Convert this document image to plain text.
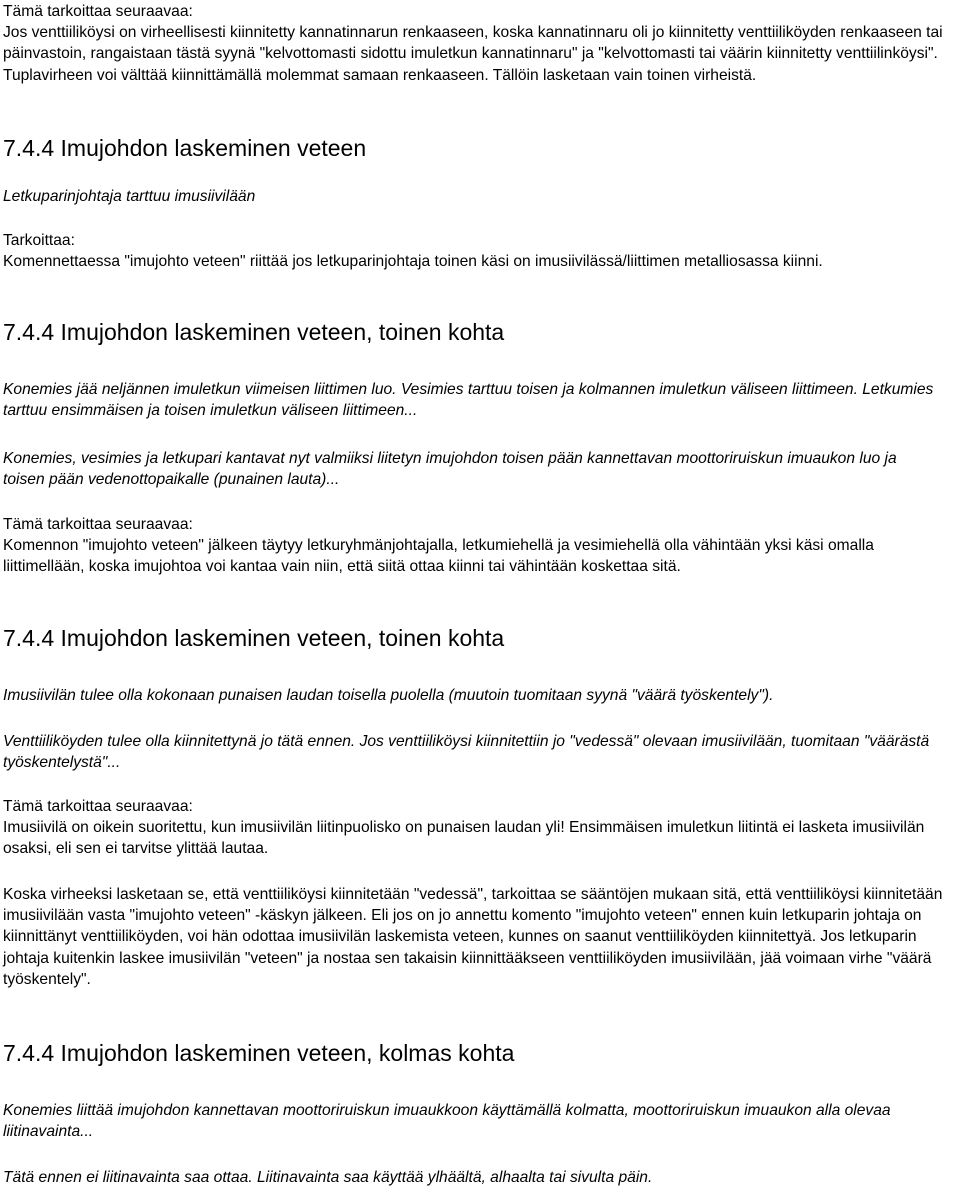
Tämä tarkoittaa seuraavaa:
Jos venttiiliköysi on virheellisesti kiinnitetty kannatinnarun renkaaseen, koska kannatinnaru oli jo kiinnitetty venttiiliköyden renkaaseen tai päinvastoin, rangaistaan tästä syynä "kelvottomasti sidottu imuletkun kannatinnaru" ja "kelvottomasti tai väärin kiinnitetty venttiilinköysi". Tuplavirheen voi välttää kiinnittämällä molemmat samaan renkaaseen. Tällöin lasketaan vain toinen virheistä.

7.4.4 Imujohdon laskeminen veteen

Letkuparinjohtaja tarttuu imusiivilään

Tarkoittaa:
Komennettaessa "imujohto veteen" riittää jos letkuparinjohtaja toinen käsi on imusiivilässä/liittimen metalliosassa kiinni.

7.4.4 Imujohdon laskeminen veteen, toinen kohta

Konemies jää neljännen imuletkun viimeisen liittimen luo. Vesimies tarttuu toisen ja kolmannen imuletkun väliseen liittimeen. Letkumies tarttuu ensimmäisen ja toisen imuletkun väliseen liittimeen...

Konemies, vesimies ja letkupari kantavat nyt valmiiksi liitetyn imujohdon toisen pään kannettavan moottoriruiskun imuaukon luo ja toisen pään vedenottopaikalle (punainen lauta)...

Tämä tarkoittaa seuraavaa:
Komennon "imujohto veteen" jälkeen täytyy letkuryhmänjohtajalla, letkumiehellä ja vesimiehellä olla vähintään yksi käsi omalla liittimellään, koska imujohtoa voi kantaa vain niin, että siitä ottaa kiinni tai vähintään koskettaa sitä.

7.4.4 Imujohdon laskeminen veteen, toinen kohta

Imusiivilän tulee olla kokonaan punaisen laudan toisella puolella (muutoin tuomitaan syynä "väärä työskentely").

Venttiiliköyden tulee olla kiinnitettynä jo tätä ennen. Jos venttiiliköysi kiinnitettiin jo "vedessä" olevaan imusiivilään, tuomitaan "väärästä työskentelystä"...

Tämä tarkoittaa seuraavaa:
Imusiivilä on oikein suoritettu, kun imusiivilän liitinpuolisko on punaisen laudan yli! Ensimmäisen imuletkun liitintä ei lasketa imusiivilän osaksi, eli sen ei tarvitse ylittää lautaa.

Koska virheeksi lasketaan se, että venttiiliköysi kiinnitetään "vedessä", tarkoittaa se sääntöjen mukaan sitä, että venttiiliköysi kiinnitetään imusiivilään vasta "imujohto veteen" -käskyn jälkeen. Eli jos on jo annettu komento "imujohto veteen" ennen kuin letkuparin johtaja on kiinnittänyt venttiiliköyden, voi hän odottaa imusiivilän laskemista veteen, kunnes on saanut venttiiliköyden kiinnitettyä. Jos letkuparin johtaja kuitenkin laskee imusiivilän "veteen" ja nostaa sen takaisin kiinnittääkseen venttiiliköyden imusiivilään, jää voimaan virhe "väärä työskentely".

7.4.4 Imujohdon laskeminen veteen, kolmas kohta

Konemies liittää imujohdon kannettavan moottoriruiskun imuaukkoon käyttämällä kolmatta, moottoriruiskun imuaukon alla olevaa liitinavainta...

Tätä ennen ei liitinavainta saa ottaa. Liitinavainta saa käyttää ylhäältä, alhaalta tai sivulta päin.
